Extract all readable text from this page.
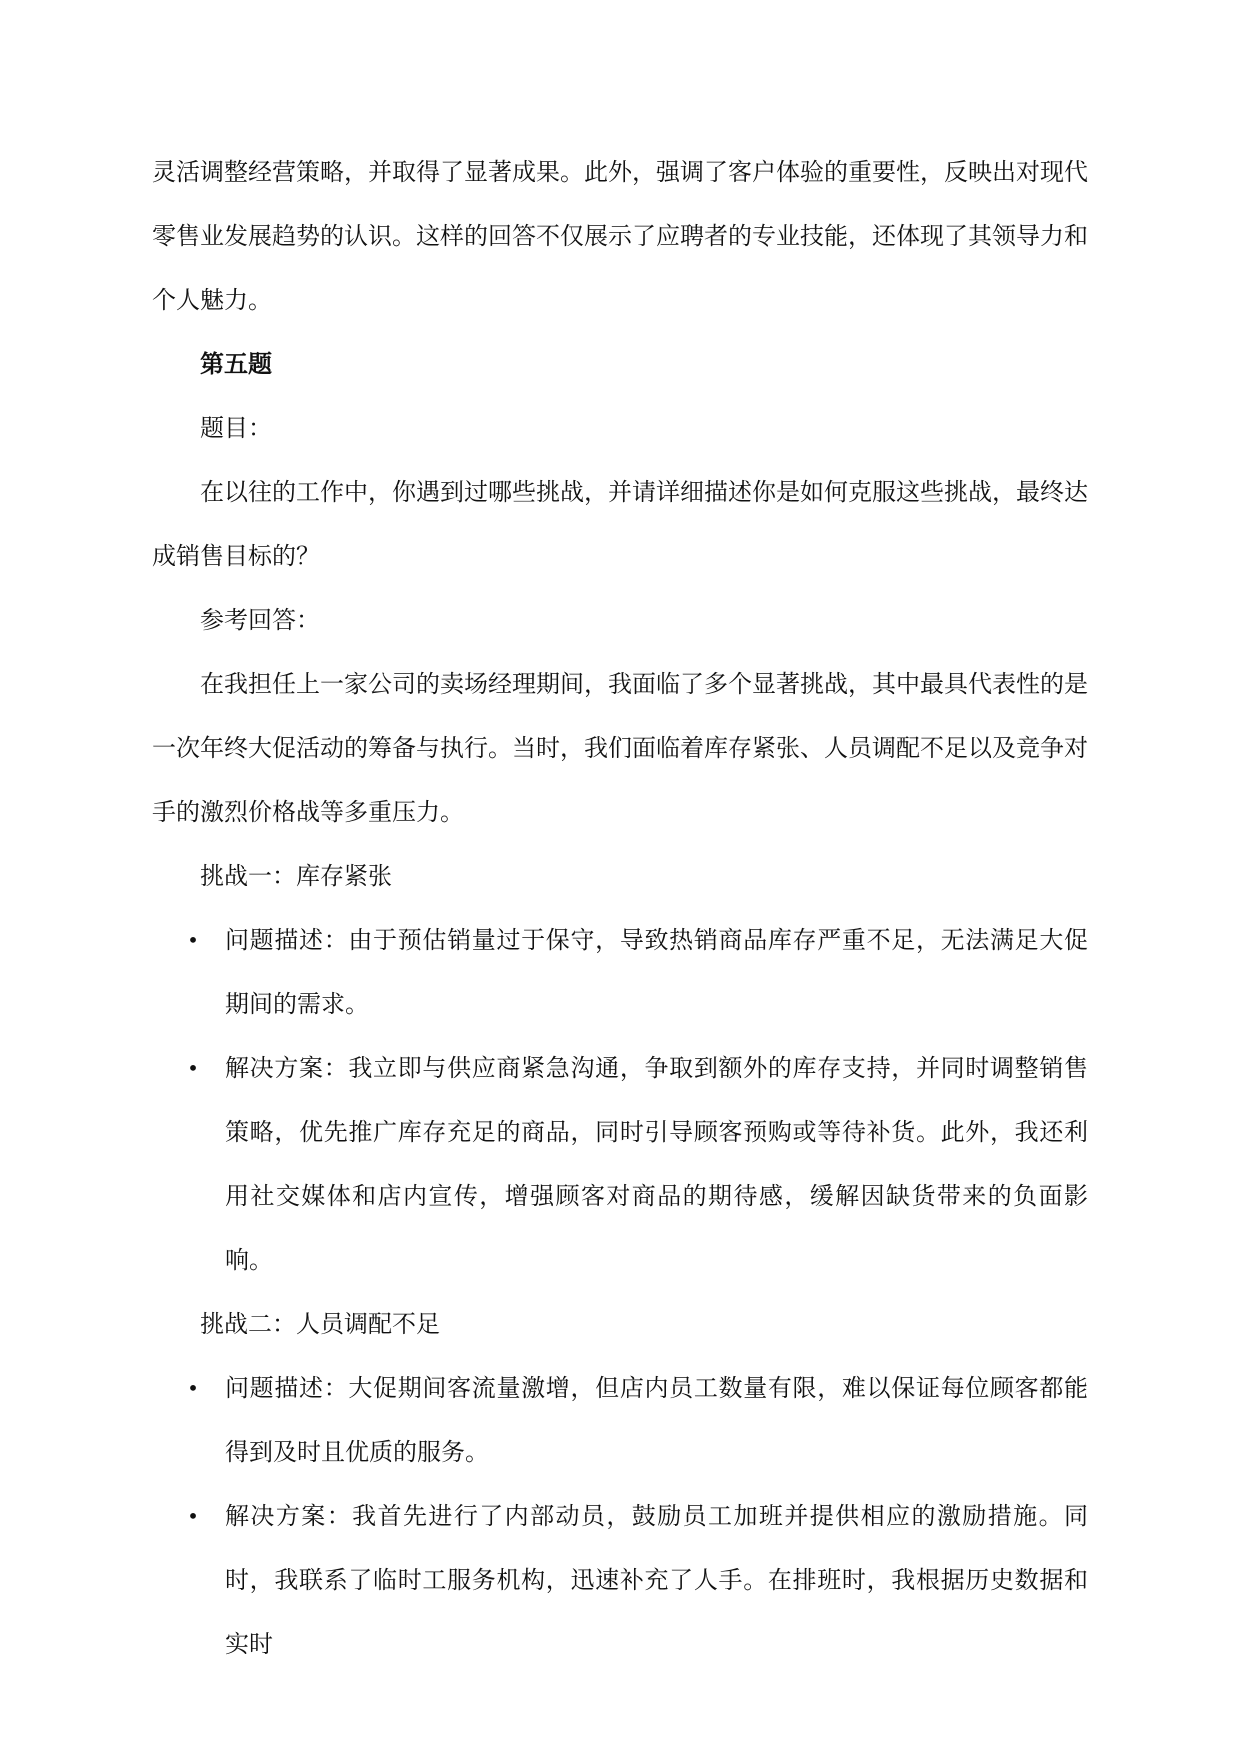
灵活调整经营策略，并取得了显著成果。此外，强调了客户体验的重要性，反映出对现代零售业发展趋势的认识。这样的回答不仅展示了应聘者的专业技能，还体现了其领导力和个人魅力。

第五题

题目：

在以往的工作中，你遇到过哪些挑战，并请详细描述你是如何克服这些挑战，最终达成销售目标的？

参考回答：

在我担任上一家公司的卖场经理期间，我面临了多个显著挑战，其中最具代表性的是一次年终大促活动的筹备与执行。当时，我们面临着库存紧张、人员调配不足以及竞争对手的激烈价格战等多重压力。

挑战一：库存紧张

• 问题描述：由于预估销量过于保守，导致热销商品库存严重不足，无法满足大促期间的需求。
• 解决方案：我立即与供应商紧急沟通，争取到额外的库存支持，并同时调整销售策略，优先推广库存充足的商品，同时引导顾客预购或等待补货。此外，我还利用社交媒体和店内宣传，增强顾客对商品的期待感，缓解因缺货带来的负面影响。

挑战二：人员调配不足

• 问题描述：大促期间客流量激增，但店内员工数量有限，难以保证每位顾客都能得到及时且优质的服务。
• 解决方案：我首先进行了内部动员，鼓励员工加班并提供相应的激励措施。同时，我联系了临时工服务机构，迅速补充了人手。在排班时，我根据历史数据和实时
